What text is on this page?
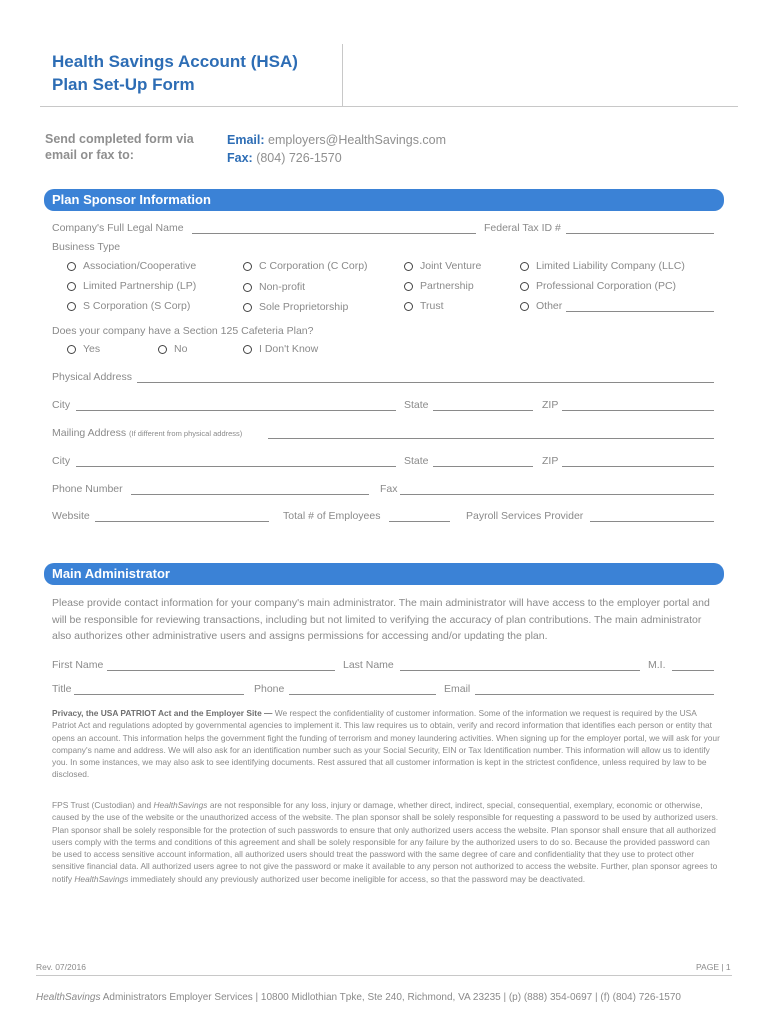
Health Savings Account (HSA)
Plan Set-Up Form
Send completed form via
email or fax to:
Email: employers@HealthSavings.com
Fax: (804) 726-1570
Plan Sponsor Information
Company's Full Legal Name	Federal Tax ID #
Business Type
Association/Cooperative	C Corporation (C Corp)	Joint Venture	Limited Liability Company (LLC)
Limited Partnership (LP)	Non-profit	Partnership	Professional Corporation (PC)
S Corporation (S Corp)	Sole Proprietorship	Trust	Other
Does your company have a Section 125 Cafeteria Plan?
Yes	No	I Don't Know
Physical Address
City	State	ZIP
Mailing Address (If different from physical address)
City	State	ZIP
Phone Number	Fax
Website	Total # of Employees	Payroll Services Provider
Main Administrator
Please provide contact information for your company's main administrator. The main administrator will have access to the employer portal and will be responsible for reviewing transactions, including but not limited to verifying the accuracy of plan contributions. The main administrator also authorizes other administrative users and assigns permissions for accessing and/or updating the plan.
First Name	Last Name	M.I.
Title	Phone	Email
Privacy, the USA PATRIOT Act and the Employer Site — We respect the confidentiality of customer information. Some of the information we request is required by the USA Patriot Act and regulations adopted by governmental agencies to implement it. This law requires us to obtain, verify and record information that identifies each person or entity that opens an account. This information helps the government fight the funding of terrorism and money laundering activities. When signing up for the employer portal, we will ask for your company's name and address. We will also ask for an identification number such as your Social Security, EIN or Tax Identification number. This information will allow us to identify you. In some instances, we may also ask to see identifying documents. Rest assured that all customer information is kept in the strictest confidence, unless required by law to be disclosed.
FPS Trust (Custodian) and HealthSavings are not responsible for any loss, injury or damage, whether direct, indirect, special, consequential, exemplary, economic or otherwise, caused by the use of the website or the unauthorized access of the website. The plan sponsor shall be solely responsible for requesting a password to be used by authorized users. Plan sponsor shall be solely responsible for the protection of such passwords to ensure that only authorized users access the website. Plan sponsor shall ensure that all authorized users comply with the terms and conditions of this agreement and shall be solely responsible for any failure by the authorized users to do so. Because the provided password can be used to access sensitive account information, all authorized users should treat the password with the same degree of care and confidentiality that they use to protect other sensitive financial data. All authorized users agree to not give the password or make it available to any person not authorized to access the website. Further, plan sponsor agrees to notify HealthSavings immediately should any previously authorized user become ineligible for access, so that the password may be deactivated.
Rev. 07/2016	PAGE | 1
HealthSavings Administrators Employer Services | 10800 Midlothian Tpke, Ste 240, Richmond, VA 23235 | (p) (888) 354-0697 | (f) (804) 726-1570
